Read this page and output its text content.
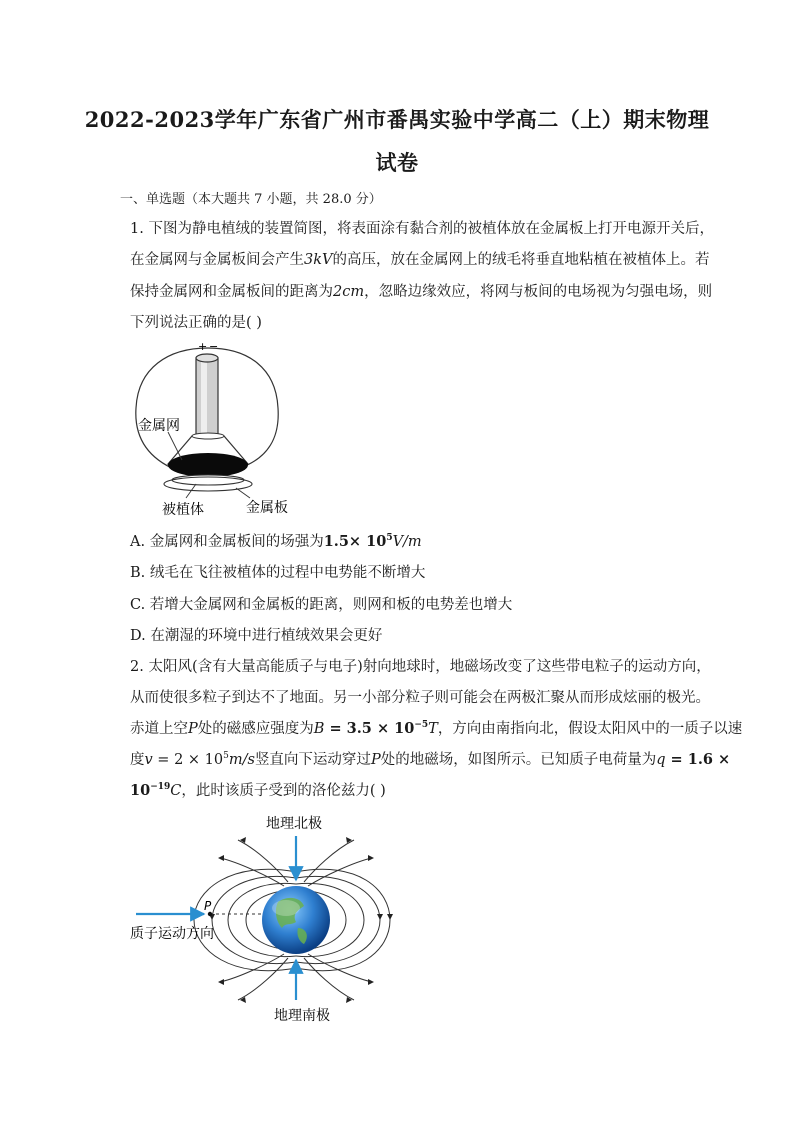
2022-2023学年广东省广州市番禺实验中学高二（上）期末物理
试卷
一、单选题（本大题共 7 小题，共 28.0 分）
1. 下图为静电植绒的装置简图，将表面涂有黏合剂的被植体放在金属板上打开电源开关后，
在金属网与金属板间会产生3kV的高压，放在金属网上的绒毛将垂直地粘植在被植体上。若
保持金属网和金属板间的距离为2cm，忽略边缘效应，将网与板间的电场视为匀强电场，则
下列说法正确的是( )
+ −
金属网
被植体	金属板
A. 金属网和金属板间的场强为$1.5\times 10^5V/m$
B. 绒毛在飞往被植体的过程中电势能不断增大
C. 若增大金属网和金属板的距离，则网和板的电势差也增大
D. 在潮湿的环境中进行植绒效果会更好
2. 太阳风(含有大量高能质子与电子)射向地球时，地磁场改变了这些带电粒子的运动方向，
从而使很多粒子到达不了地面。另一小部分粒子则可能会在两极汇聚从而形成炫丽的极光。
赤道上空P处的磁感应强度为$B = 3.5 \times 10^{-5}T$，方向由南指向北，假设太阳风中的一质子以速
度$v = 2 \times 10^5m/s$竖直向下运动穿过P处的地磁场，如图所示。已知质子电荷量为q = 1.6 ×
$10^{-19}C$，此时该质子受到的洛伦兹力( )
地理北极
地理南极
P
质子运动方向
